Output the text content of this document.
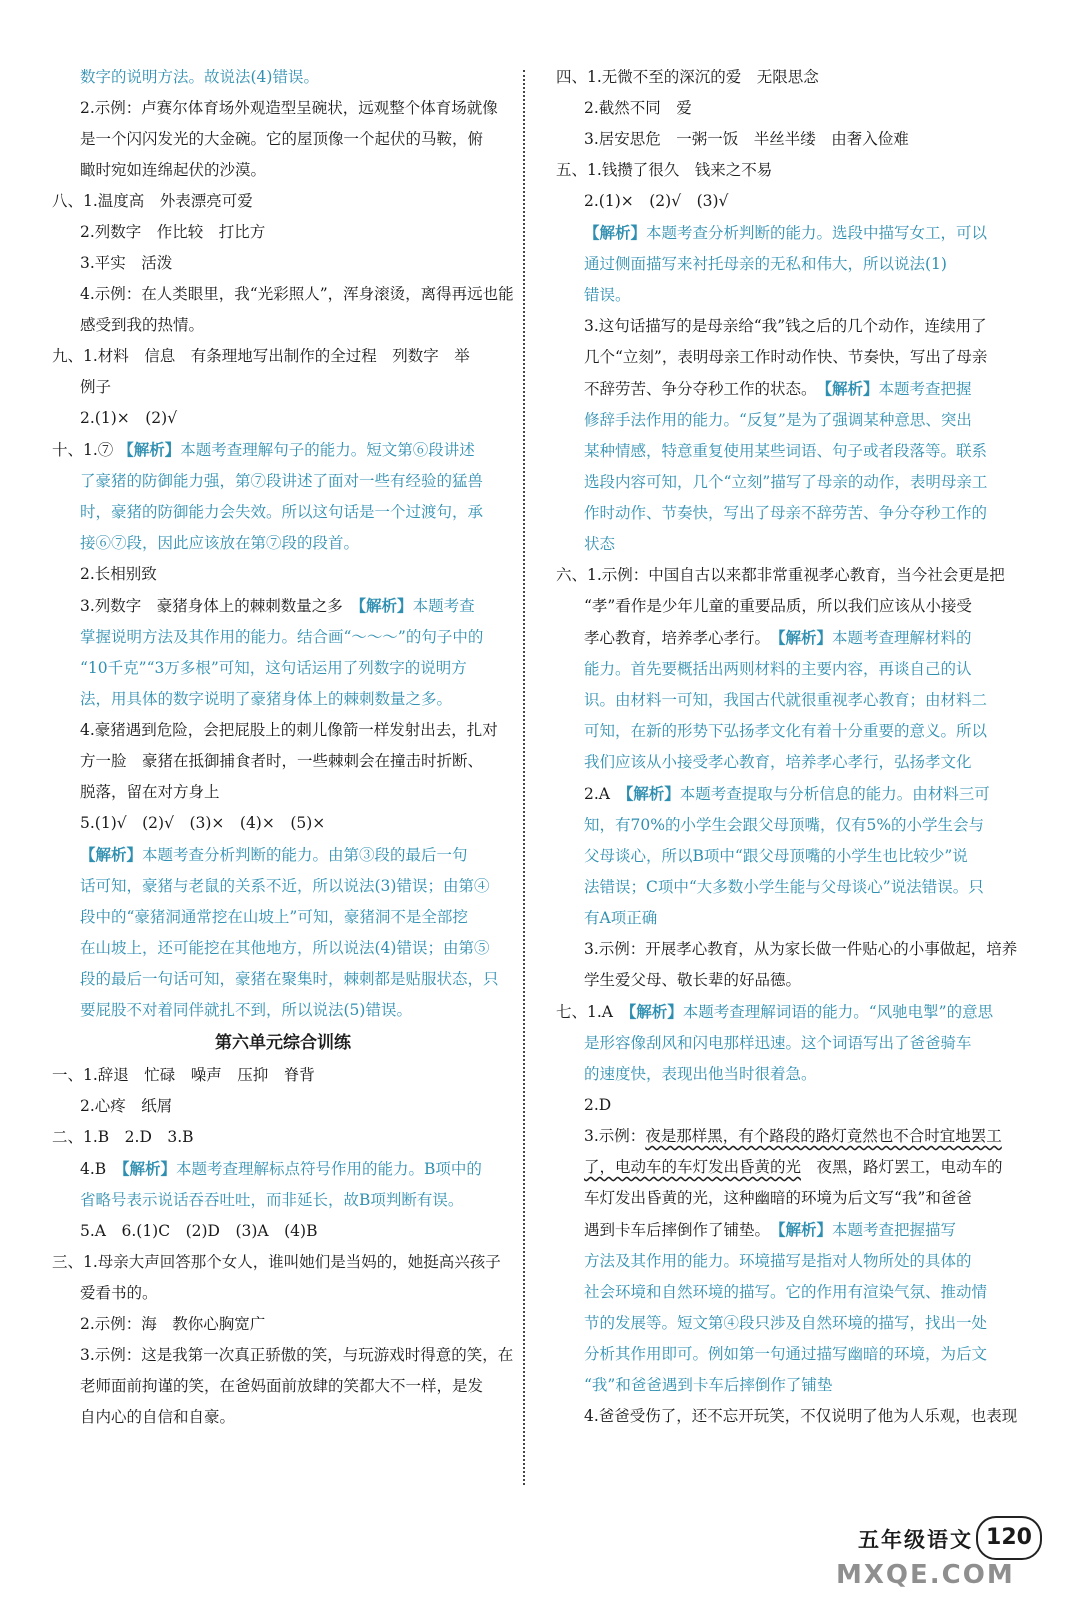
数字的说明方法。故说法(4)错误。
2.示例：卢赛尔体育场外观造型呈碗状，远观整个体育场就像
是一个闪闪发光的大金碗。它的屋顶像一个起伏的马鞍，俯
瞰时宛如连绵起伏的沙漠。
八、1.温度高　外表漂亮可爱
2.列数字　作比较　打比方
3.平实　活泼
4.示例：在人类眼里，我“光彩照人”，浑身滚烫，离得再远也能
感受到我的热情。
九、1.材料　信息　有条理地写出制作的全过程　列数字　举
例子
2.(1)×　(2)√
十、1.⑦ 【解析】本题考查理解句子的能力。短文第⑥段讲述
了豪猪的防御能力强，第⑦段讲述了面对一些有经验的猛兽
时，豪猪的防御能力会失效。所以这句话是一个过渡句，承
接⑥⑦段，因此应该放在第⑦段的段首。
2.长相别致
3.列数字　豪猪身体上的棘刺数量之多　【解析】本题考查
掌握说明方法及其作用的能力。结合画“～～～”的句子中的
“10千克”“3万多根”可知，这句话运用了列数字的说明方
法，用具体的数字说明了豪猪身体上的棘刺数量之多。
4.豪猪遇到危险，会把屁股上的刺儿像箭一样发射出去，扎对
方一脸　豪猪在抵御捕食者时，一些棘刺会在撞击时折断、
脱落，留在对方身上
5.(1)√　(2)√　(3)×　(4)×　(5)×
【解析】本题考查分析判断的能力。由第③段的最后一句
话可知，豪猪与老鼠的关系不近，所以说法(3)错误；由第④
段中的“豪猪洞通常挖在山坡上”可知，豪猪洞不是全部挖
在山坡上，还可能挖在其他地方，所以说法(4)错误；由第⑤
段的最后一句话可知，豪猪在聚集时，棘刺都是贴服状态，只
要屁股不对着同伴就扎不到，所以说法(5)错误。
第六单元综合训练
一、1.辞退　忙碌　噪声　压抑　脊背
2.心疼　纸屑
二、1.B　2.D　3.B
4.B　【解析】本题考查理解标点符号作用的能力。B项中的
省略号表示说话吞吞吐吐，而非延长，故B项判断有误。
5.A　6.(1)C　(2)D　(3)A　(4)B
三、1.母亲大声回答那个女人，谁叫她们是当妈的，她挺高兴孩子
爱看书的。
2.示例：海　教你心胸宽广
3.示例：这是我第一次真正骄傲的笑，与玩游戏时得意的笑，在
老师面前拘谨的笑，在爸妈面前放肆的笑都大不一样，是发
自内心的自信和自豪。
四、1.无微不至的深沉的爱　无限思念
2.截然不同　爱
3.居安思危　一粥一饭　半丝半缕　由奢入俭难
五、1.钱攒了很久　钱来之不易
2.(1)×　(2)√　(3)√
【解析】本题考查分析判断的能力。选段中描写女工，可以
通过侧面描写来衬托母亲的无私和伟大，所以说法(1)
错误。
3.这句话描写的是母亲给“我”钱之后的几个动作，连续用了
几个“立刻”，表明母亲工作时动作快、节奏快，写出了母亲
不辞劳苦、争分夺秒工作的状态。　【解析】本题考查把握
修辞手法作用的能力。“反复”是为了强调某种意思、突出
某种情感，特意重复使用某些词语、句子或者段落等。联系
选段内容可知，几个“立刻”描写了母亲的动作，表明母亲工
作时动作、节奏快，写出了母亲不辞劳苦、争分夺秒工作的
状态
六、1.示例：中国自古以来都非常重视孝心教育，当今社会更是把
“孝”看作是少年儿童的重要品质，所以我们应该从小接受
孝心教育，培养孝心孝行。　【解析】本题考查理解材料的
能力。首先要概括出两则材料的主要内容，再谈自己的认
识。由材料一可知，我国古代就很重视孝心教育；由材料二
可知，在新的形势下弘扬孝文化有着十分重要的意义。所以
我们应该从小接受孝心教育，培养孝心孝行，弘扬孝文化
2.A　【解析】本题考查提取与分析信息的能力。由材料三可
知，有70%的小学生会跟父母顶嘴，仅有5%的小学生会与
父母谈心，所以B项中“跟父母顶嘴的小学生也比较少”说
法错误；C项中“大多数小学生能与父母谈心”说法错误。只
有A项正确
3.示例：开展孝心教育，从为家长做一件贴心的小事做起，培养
学生爱父母、敬长辈的好品德。
七、1.A　【解析】本题考查理解词语的能力。“风驰电掣”的意思
是形容像刮风和闪电那样迅速。这个词语写出了爸爸骑车
的速度快，表现出他当时很着急。
2.D
3.示例：夜是那样黑，有个路段的路灯竟然也不合时宜地罢工
了，电动车的车灯发出昏黄的光　夜黑，路灯罢工，电动车的
车灯发出昏黄的光，这种幽暗的环境为后文写“我”和爸爸
遇到卡车后摔倒作了铺垫。　【解析】本题考查把握描写
方法及其作用的能力。环境描写是指对人物所处的具体的
社会环境和自然环境的描写。它的作用有渲染气氛、推动情
节的发展等。短文第④段只涉及自然环境的描写，找出一处
分析其作用即可。例如第一句通过描写幽暗的环境，为后文
“我”和爸爸遇到卡车后摔倒作了铺垫
4.爸爸受伤了，还不忘开玩笑，不仅说明了他为人乐观，也表现
五年级语文 120
MXQE.COM
